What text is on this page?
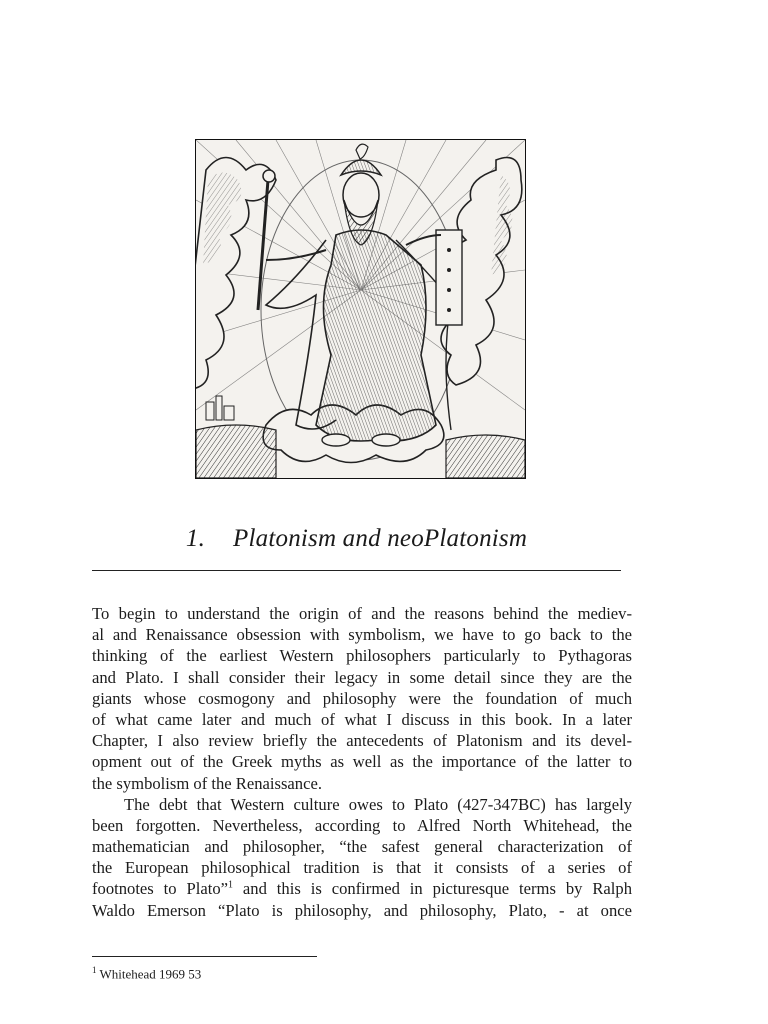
1. Platonism and neoPlatonism
To begin to understand the origin of and the reasons behind the mediev-
al and Renaissance obsession with symbolism, we have to go back to the
thinking of the earliest Western philosophers particularly to Pythagoras
and Plato. I shall consider their legacy in some detail since they are the
giants whose cosmogony and philosophy were the foundation of much
of what came later and much of what I discuss in this book. In a later
Chapter, I also review briefly the antecedents of Platonism and its devel-
opment out of the Greek myths as well as the importance of the latter to
the symbolism of the Renaissance.
The debt that Western culture owes to Plato (427-347BC) has largely
been forgotten. Nevertheless, according to Alfred North Whitehead, the
mathematician and philosopher, “the safest general characterization of
the European philosophical tradition is that it consists of a series of
footnotes to Plato”$^1$ and this is confirmed in picturesque terms by Ralph
Waldo Emerson “Plato is philosophy, and philosophy, Plato, - at once
$^1$ Whitehead 1969 53
